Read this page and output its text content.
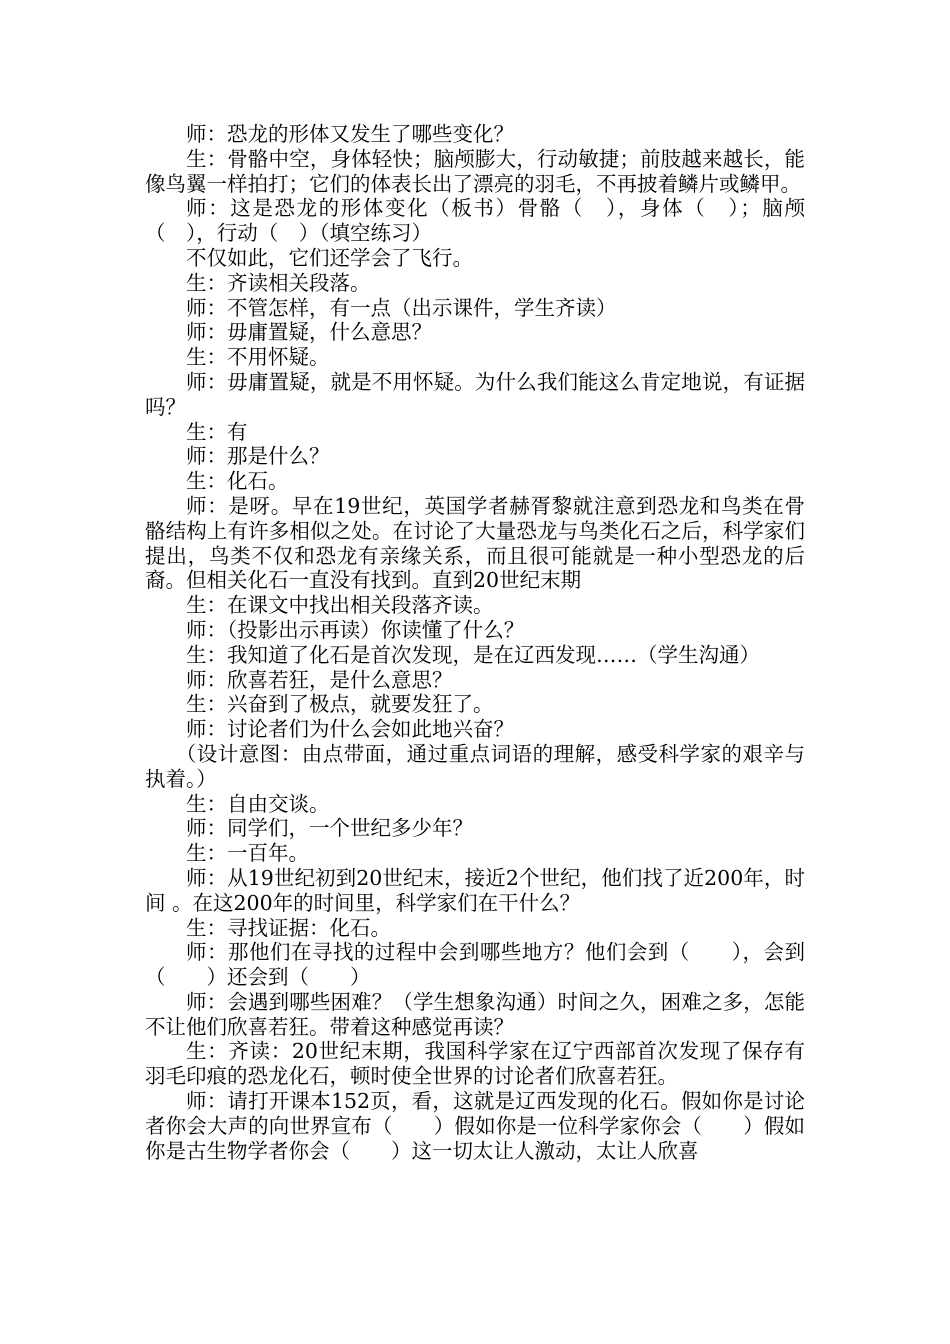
师：恐龙的形体又发生了哪些变化？

生：骨骼中空，身体轻快；脑颅膨大，行动敏捷；前肢越来越长，能像鸟翼一样拍打；它们的体表长出了漂亮的羽毛，不再披着鳞片或鳞甲。

师：这是恐龙的形体变化（板书）骨骼（　），身体（　）；脑颅（　），行动（　）（填空练习）

不仅如此，它们还学会了飞行。

生：齐读相关段落。

师：不管怎样，有一点（出示课件，学生齐读）

师：毋庸置疑，什么意思？

生：不用怀疑。

师：毋庸置疑，就是不用怀疑。为什么我们能这么肯定地说，有证据吗？

生：有

师：那是什么？

生：化石。

师：是呀。早在19世纪，英国学者赫胥黎就注意到恐龙和鸟类在骨骼结构上有许多相似之处。在讨论了大量恐龙与鸟类化石之后，科学家们提出，鸟类不仅和恐龙有亲缘关系，而且很可能就是一种小型恐龙的后裔。但相关化石一直没有找到。直到20世纪末期

生：在课文中找出相关段落齐读。

师：（投影出示再读）你读懂了什么？

生：我知道了化石是首次发现，是在辽西发现……（学生沟通）

师：欣喜若狂，是什么意思？

生：兴奋到了极点，就要发狂了。

师：讨论者们为什么会如此地兴奋？

（设计意图：由点带面，通过重点词语的理解，感受科学家的艰辛与执着。）

生：自由交谈。

师：同学们，一个世纪多少年？

生：一百年。

师：从19世纪初到20世纪末，接近2个世纪，他们找了近200年，时间 。在这200年的时间里，科学家们在干什么？

生：寻找证据：化石。

师：那他们在寻找的过程中会到哪些地方？他们会到（　　），会到（　　）还会到（　　）

师：会遇到哪些困难？（学生想象沟通）时间之久，困难之多，怎能不让他们欣喜若狂。带着这种感觉再读？

生：齐读：20世纪末期，我国科学家在辽宁西部首次发现了保存有羽毛印痕的恐龙化石，顿时使全世界的讨论者们欣喜若狂。

师：请打开课本152页，看，这就是辽西发现的化石。假如你是讨论者你会大声的向世界宣布（　　）假如你是一位科学家你会（　　）假如你是古生物学者你会（　　）这一切太让人激动，太让人欣喜
